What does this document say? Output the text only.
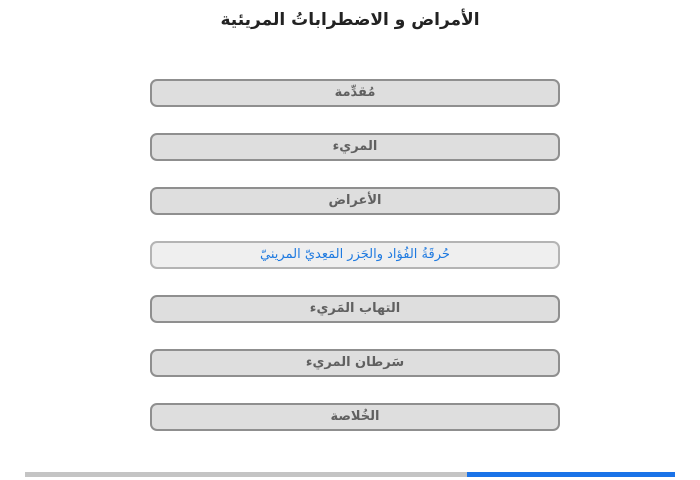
الأمراض و الاضطراباتُ المريئية
مُقدِّمة
المريء
الأعراض
حُرقَةُ الفُؤاد والجَزر المَعِديّ المرينيّ
التهاب المَريء
سَرطان المريء
الخُلاصة
